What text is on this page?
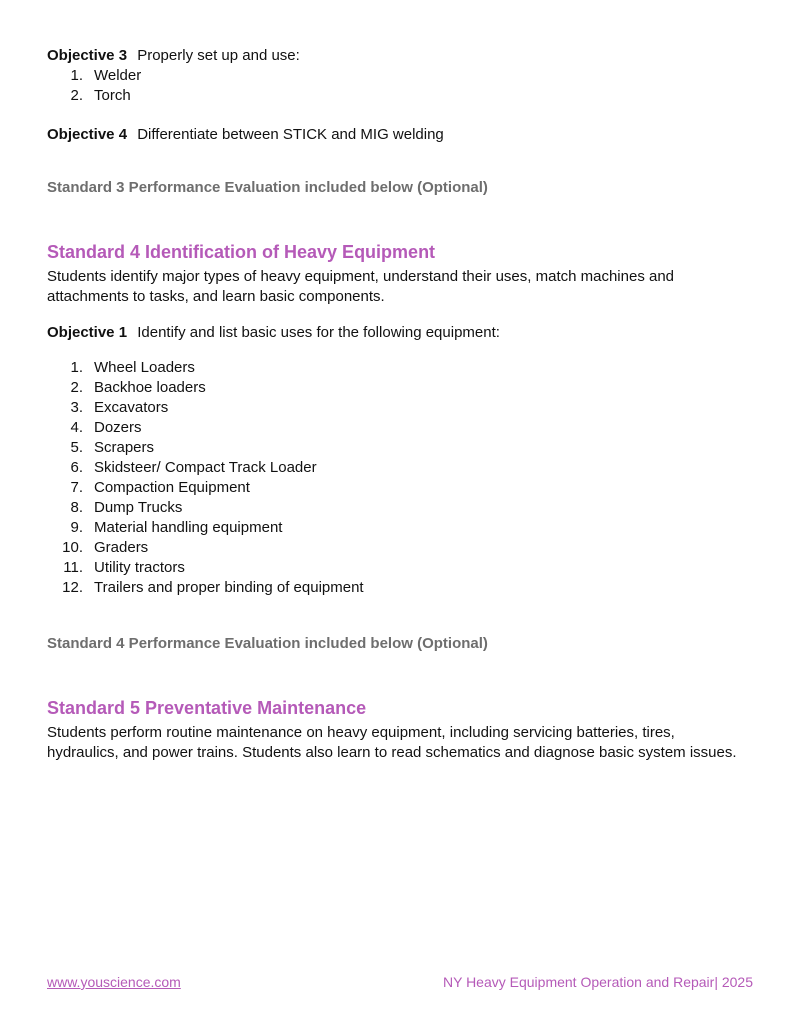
Objective 3 Properly set up and use:

1. Welder
2. Torch

Objective 4 Differentiate between STICK and MIG welding

Standard 3 Performance Evaluation included below (Optional)

Standard 4 Identification of Heavy Equipment

Students identify major types of heavy equipment, understand their uses, match machines and attachments to tasks, and learn basic components.

Objective 1 Identify and list basic uses for the following equipment:

1. Wheel Loaders
2. Backhoe loaders
3. Excavators
4. Dozers
5. Scrapers
6. Skidsteer/ Compact Track Loader
7. Compaction Equipment
8. Dump Trucks
9. Material handling equipment
10. Graders
11. Utility tractors
12. Trailers and proper binding of equipment

Standard 4 Performance Evaluation included below (Optional)

Standard 5 Preventative Maintenance

Students perform routine maintenance on heavy equipment, including servicing batteries, tires, hydraulics, and power trains. Students also learn to read schematics and diagnose basic system issues.

www.youscience.com	NY Heavy Equipment Operation and Repair| 2025
